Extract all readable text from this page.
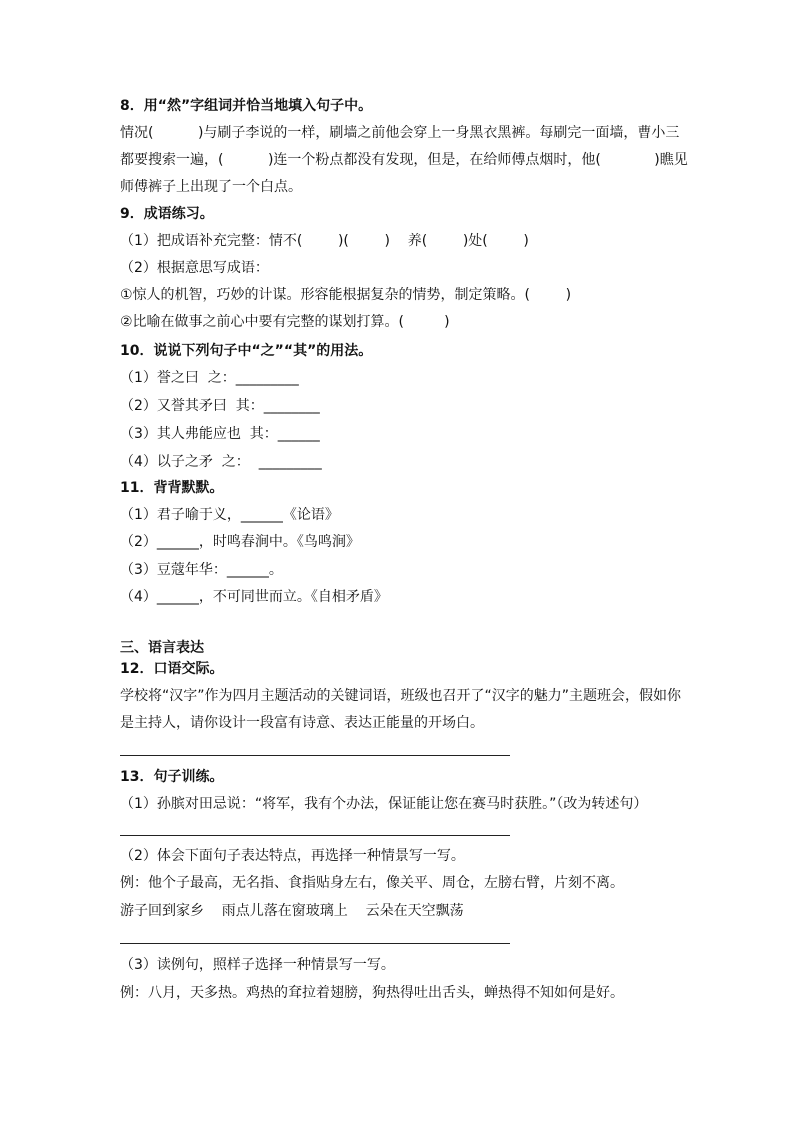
8．用“然”字组词并恰当地填入句子中。
情况(          )与刷子李说的一样，刷墙之前他会穿上一身黑衣黑裤。每刷完一面墙，曹小三
都要搜索一遍，(          )连一个粉点都没有发现，但是，在给师傅点烟时，他(            )瞧见
师傅裤子上出现了一个白点。
9．成语练习。
（1）把成语补充完整：情不(        )(        )    养(        )处(        )
（2）根据意思写成语：
①惊人的机智，巧妙的计谋。形容能根据复杂的情势，制定策略。(        )
②比喻在做事之前心中要有完整的谋划打算。(         )
10．说说下列句子中“之”“其”的用法。
（1）誉之曰  之：_________
（2）又誉其矛曰  其：________
（3）其人弗能应也  其：______
（4）以子之矛  之：  _________
11．背背默默。
（1）君子喻于义，______《论语》
（2）______，时鸣春涧中。《鸟鸣涧》
（3）豆蔻年华：______。
（4）______，不可同世而立。《自相矛盾》
三、语言表达
12．口语交际。
学校将“汉字”作为四月主题活动的关键词语，班级也召开了“汉字的魅力”主题班会，假如你
是主持人，请你设计一段富有诗意、表达正能量的开场白。
13．句子训练。
（1）孙膑对田忌说：“将军，我有个办法，保证能让您在赛马时获胜。”（改为转述句）
（2）体会下面句子表达特点，再选择一种情景写一写。
例：他个子最高，无名指、食指贴身左右，像关平、周仓，左膀右臂，片刻不离。
游子回到家乡    雨点儿落在窗玻璃上    云朵在天空飘荡
（3）读例句，照样子选择一种情景写一写。
例：八月，天多热。鸡热的耷拉着翅膀，狗热得吐出舌头，蝉热得不知如何是好。
